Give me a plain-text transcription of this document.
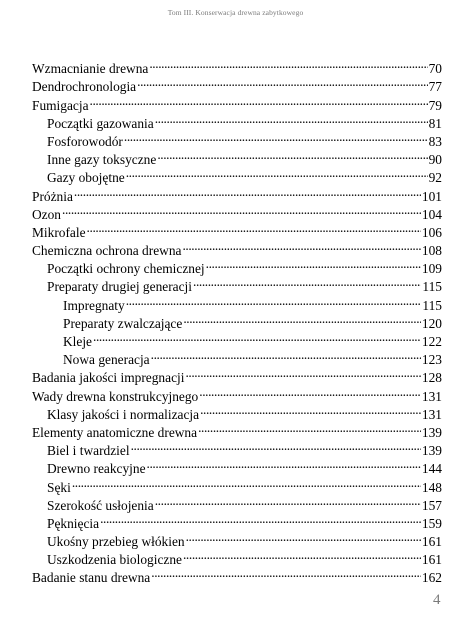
Tom III. Konserwacja drewna zabytkowego
Wzmacnianie drewna .....	70
Dendrochronologia .....	77
Fumigacja .....	79
Początki gazowania .....	81
Fosforowodór .....	83
Inne gazy toksyczne .....	90
Gazy obojętne .....	92
Próżnia .....	101
Ozon .....	104
Mikrofale .....	106
Chemiczna ochrona drewna .....	108
Początki ochrony chemicznej .....	109
Preparaty drugiej generacji .....	115
Impregnaty .....	115
Preparaty zwalczające .....	120
Kleje .....	122
Nowa generacja .....	123
Badania jakości impregnacji .....	128
Wady drewna konstrukcyjnego .....	131
Klasy jakości i normalizacja .....	131
Elementy anatomiczne drewna .....	139
Biel i twardziel .....	139
Drewno reakcyjne .....	144
Sęki .....	148
Szerokość usłojenia .....	157
Pęknięcia .....	159
Ukośny przebieg włókien .....	161
Uszkodzenia biologiczne .....	161
Badanie stanu drewna .....	162
4
